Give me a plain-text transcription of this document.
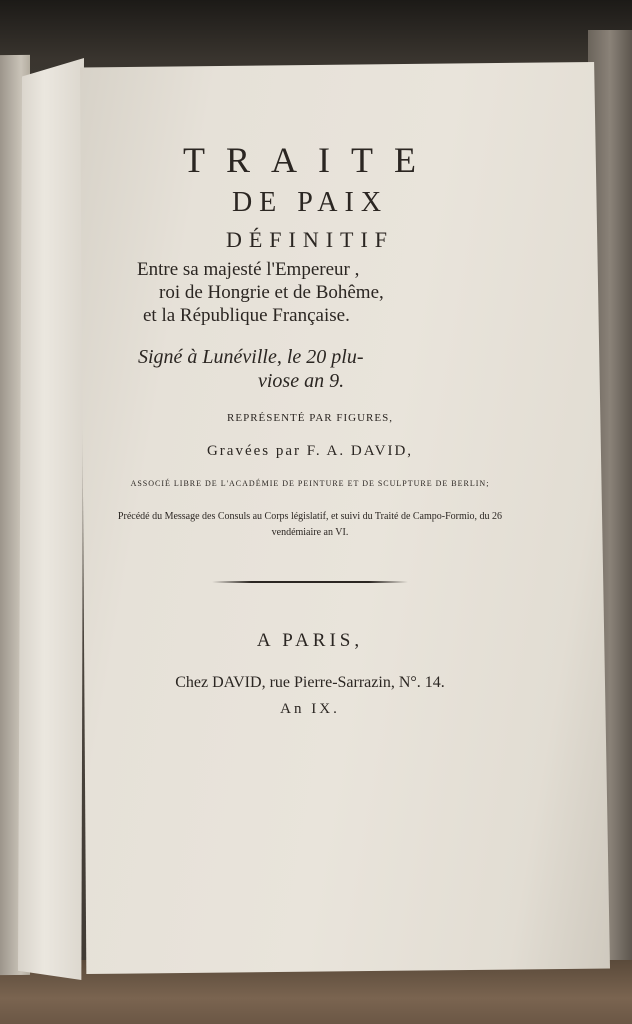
TRAITE
DE PAIX
DÉFINITIF
Entre sa majesté l'Empereur ,
roi de Hongrie et de Bohême,
et la République Française.
Signé à Lunéville, le 20 plu-
viose an 9.
REPRÉSENTÉ PAR FIGURES,
Gravées par F. A. DAVID,
ASSOCIÉ LIBRE DE L'ACADÉMIE DE PEINTURE ET DE SCULPTURE DE BERLIN;
Précédé du Message des Consuls au Corps législatif, et suivi du Traité de Campo-Formio, du 26 vendémiaire an VI.
A PARIS,
Chez DAVID, rue Pierre-Sarrazin, N°. 14.
An IX.
